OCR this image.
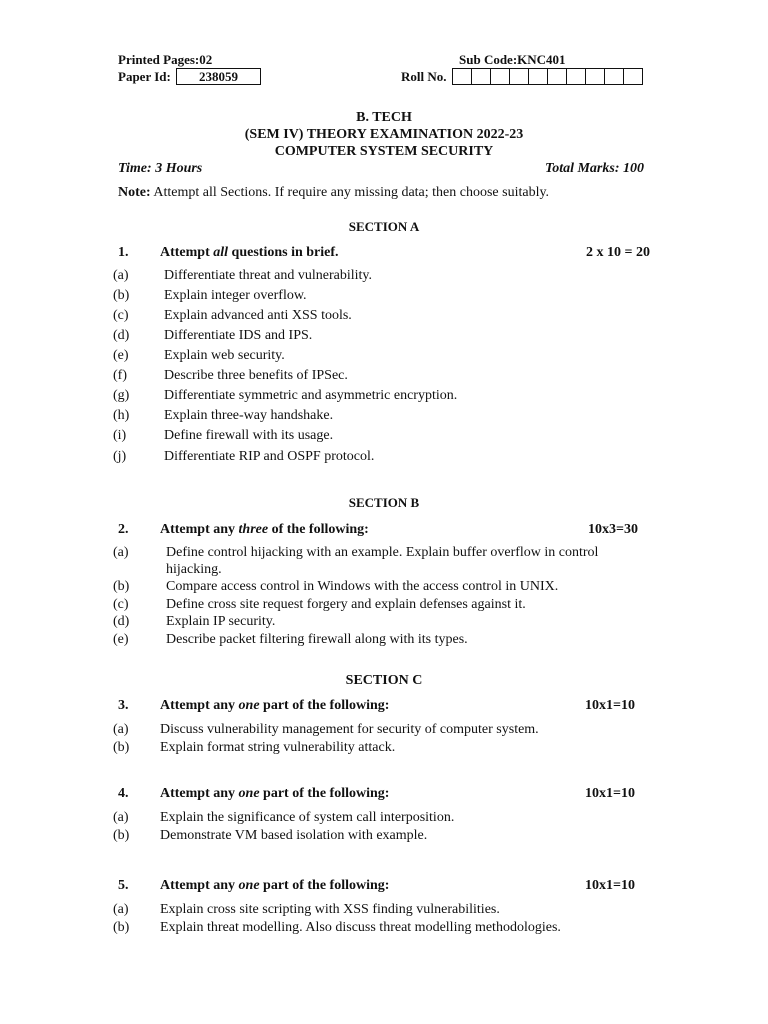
Printed Pages:02	Sub Code:KNC401
Paper Id:	238059	Roll No.
B. TECH
(SEM IV) THEORY EXAMINATION 2022-23
COMPUTER SYSTEM SECURITY
Time: 3 Hours	Total Marks: 100
Note: Attempt all Sections. If require any missing data; then choose suitably.
SECTION A
1. Attempt all questions in brief.	2 x 10 = 20
(a)	Differentiate threat and vulnerability.
(b) Explain integer overflow.
(c)	Explain advanced anti XSS tools.
(d) Differentiate IDS and IPS.
(e)	Explain web security.
(f)	Describe three benefits of IPSec.
(g) Differentiate symmetric and asymmetric encryption.
(h) Explain three-way handshake.
(i)	Define firewall with its usage.
(j)	Differentiate RIP and OSPF protocol.
SECTION B
2. Attempt any three of the following:	10x3=30
(a)	Define control hijacking with an example. Explain buffer overflow in control
hijacking.
(b)	Compare access control in Windows with the access control in UNIX.
(c)	Define cross site request forgery and explain defenses against it.
(d)	Explain IP security.
(e)	Describe packet filtering firewall along with its types.
SECTION C
3. Attempt any one part of the following:	10x1=10
(a) Discuss vulnerability management for security of computer system.
(b) Explain format string vulnerability attack.
4. Attempt any one part of the following:	10x1=10
(a) Explain the significance of system call interposition.
(b) Demonstrate VM based isolation with example.
5. Attempt any one part of the following:	10x1=10
(a) Explain cross site scripting with XSS finding vulnerabilities.
(b) Explain threat modelling. Also discuss threat modelling methodologies.
